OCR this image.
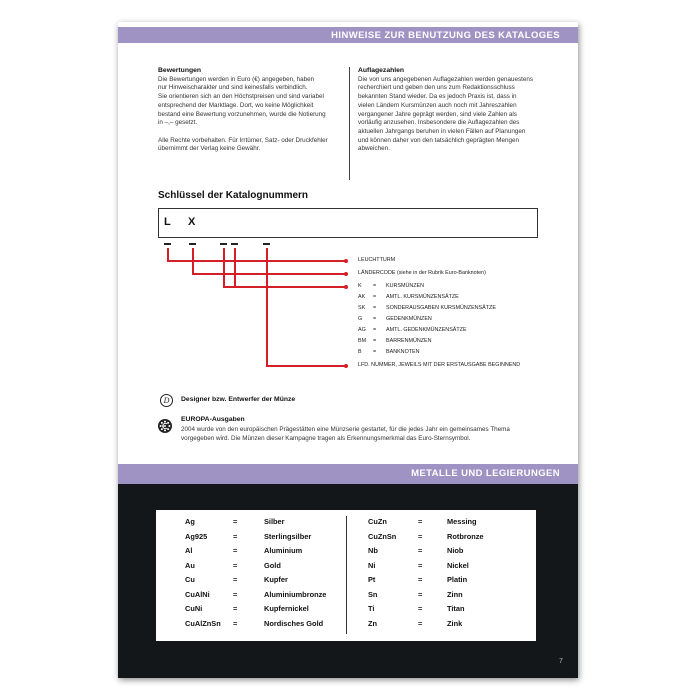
HINWEISE ZUR BENUTZUNG DES KATALOGES
Bewertungen

Die Bewertungen werden in Euro (€) angegeben, haben

nur Hinweischarakter und sind keinesfalls verbindlich.

Sie orientieren sich an den Höchstpreisen und sind variabel

entsprechend der Marktlage. Dort, wo keine Möglichkeit

bestand eine Bewertung vorzunehmen, wurde die Notierung

in –,– gesetzt.

Alle Rechte vorbehalten. Für Irrtümer, Satz- oder Druckfehler

übernimmt der Verlag keine Gewähr.

Auflagezahlen

Die von uns angegebenen Auflagezahlen werden genauestens

recherchiert und geben den uns zum Redaktionsschluss

bekannten Stand wieder. Da es jedoch Praxis ist, dass in

vielen Ländern Kursmünzen auch noch mit Jahreszahlen

vergangener Jahre geprägt werden, sind viele Zahlen als

vorläufig anzusehen. Insbesondere die Auflagezahlen des

aktuellen Jahrgangs beruhen in vielen Fällen auf Planungen

und können daher von den tatsächlich geprägten Mengen

abweichen.

Schlüssel der Katalognummern
L X
LEUCHTTURM
LÄNDERCODE (siehe in der Rubrik Euro-Banknoten)
K = KURSMÜNZEN
AK = AMTL. KURSMÜNZENSÄTZE
SK = SONDERAUSGABEN KURSMÜNZENSÄTZE
G = GEDENKMÜNZEN
AG = AMTL. GEDENKMÜNZENSÄTZE
BM = BARRENMÜNZEN
B = BANKNOTEN
LFD. NUMMER, JEWEILS MIT DER ERSTAUSGABE BEGINNEND
D	Designer bzw. Entwerfer der Münze
EUROPA-Ausgaben
2004 wurde von den europäischen Prägestätten eine Münzserie gestartet, für die jedes Jahr ein gemeinsames Thema
vorgegeben wird. Die Münzen dieser Kampagne tragen als Erkennungsmerkmal das Euro-Sternsymbol.
METALLE UND LEGIERUNGEN
Ag	=	Silber	CuZn	=	Messing
Ag925	=	Sterlingsilber	CuZnSn	=	Rotbronze
Al	=	Aluminium	Nb	=	Niob
Au	=	Gold	Ni	=	Nickel
Cu	=	Kupfer	Pt	=	Platin
CuAlNi	=	Aluminiumbronze	Sn	=	Zinn
CuNi	=	Kupfernickel	Ti	=	Titan
CuAlZnSn =	Nordisches Gold	Zn	=	Zink
7
